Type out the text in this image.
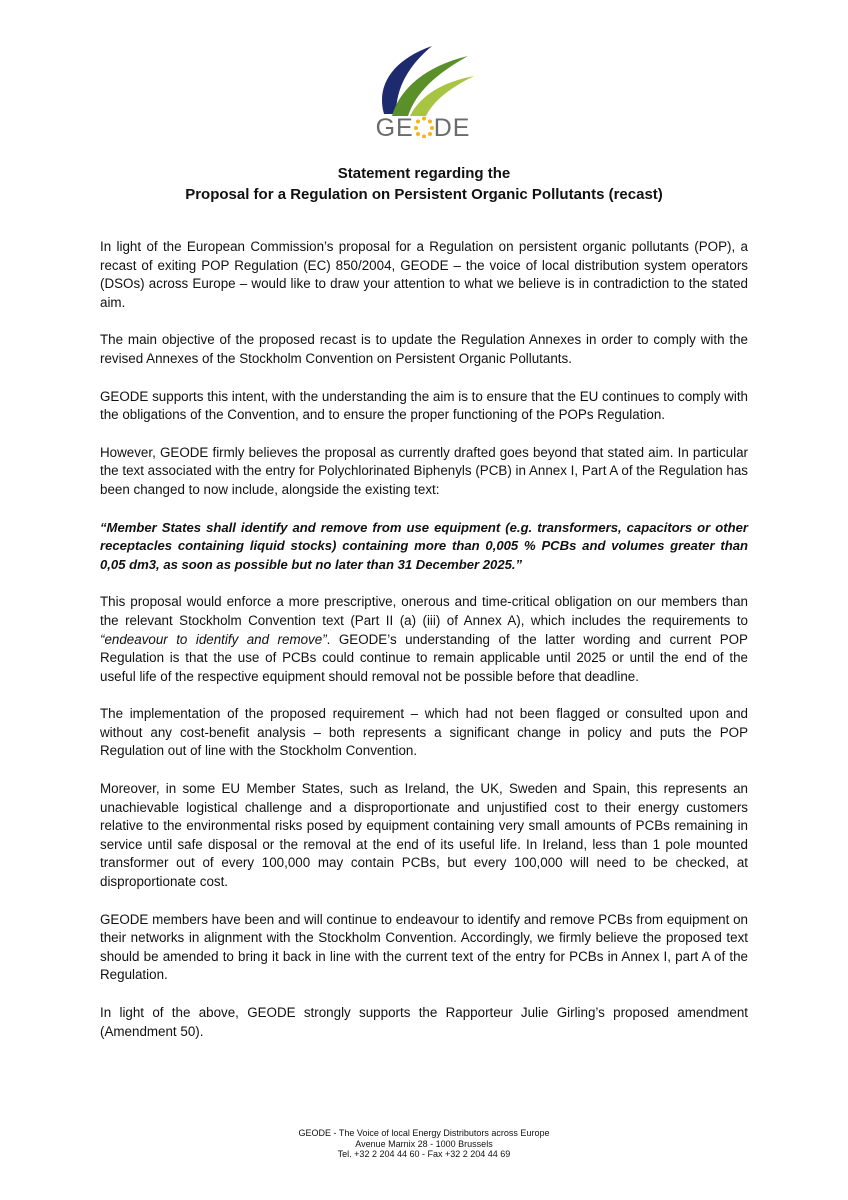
GE DE
Statement regarding the
Proposal for a Regulation on Persistent Organic Pollutants (recast)

In light of the European Commission’s proposal for a Regulation on persistent organic pollutants (POP), a recast of exiting POP Regulation (EC) 850/2004, GEODE – the voice of local distribution system operators (DSOs) across Europe – would like to draw your attention to what we believe is in contradiction to the stated aim.

The main objective of the proposed recast is to update the Regulation Annexes in order to comply with the revised Annexes of the Stockholm Convention on Persistent Organic Pollutants.

GEODE supports this intent, with the understanding the aim is to ensure that the EU continues to comply with the obligations of the Convention, and to ensure the proper functioning of the POPs Regulation.

However, GEODE firmly believes the proposal as currently drafted goes beyond that stated aim. In particular the text associated with the entry for Polychlorinated Biphenyls (PCB) in Annex I, Part A of the Regulation has been changed to now include, alongside the existing text:

“Member States shall identify and remove from use equipment (e.g. transformers, capacitors or other receptacles containing liquid stocks) containing more than 0,005 % PCBs and volumes greater than 0,05 dm3, as soon as possible but no later than 31 December 2025.”

This proposal would enforce a more prescriptive, onerous and time-critical obligation on our members than the relevant Stockholm Convention text (Part II (a) (iii) of Annex A), which includes the requirements to “endeavour to identify and remove”. GEODE’s understanding of the latter wording and current POP Regulation is that the use of PCBs could continue to remain applicable until 2025 or until the end of the useful life of the respective equipment should removal not be possible before that deadline.

The implementation of the proposed requirement – which had not been flagged or consulted upon and without any cost-benefit analysis – both represents a significant change in policy and puts the POP Regulation out of line with the Stockholm Convention.

Moreover, in some EU Member States, such as Ireland, the UK, Sweden and Spain, this represents an unachievable logistical challenge and a disproportionate and unjustified cost to their energy customers relative to the environmental risks posed by equipment containing very small amounts of PCBs remaining in service until safe disposal or the removal at the end of its useful life. In Ireland, less than 1 pole mounted transformer out of every 100,000 may contain PCBs, but every 100,000 will need to be checked, at disproportionate cost.

GEODE members have been and will continue to endeavour to identify and remove PCBs from equipment on their networks in alignment with the Stockholm Convention. Accordingly, we firmly believe the proposed text should be amended to bring it back in line with the current text of the entry for PCBs in Annex I, part A of the Regulation.

In light of the above, GEODE strongly supports the Rapporteur Julie Girling’s proposed amendment (Amendment 50).

GEODE - The Voice of local Energy Distributors across Europe
Avenue Marnix 28 - 1000 Brussels
Tel. +32 2 204 44 60 - Fax +32 2 204 44 69
